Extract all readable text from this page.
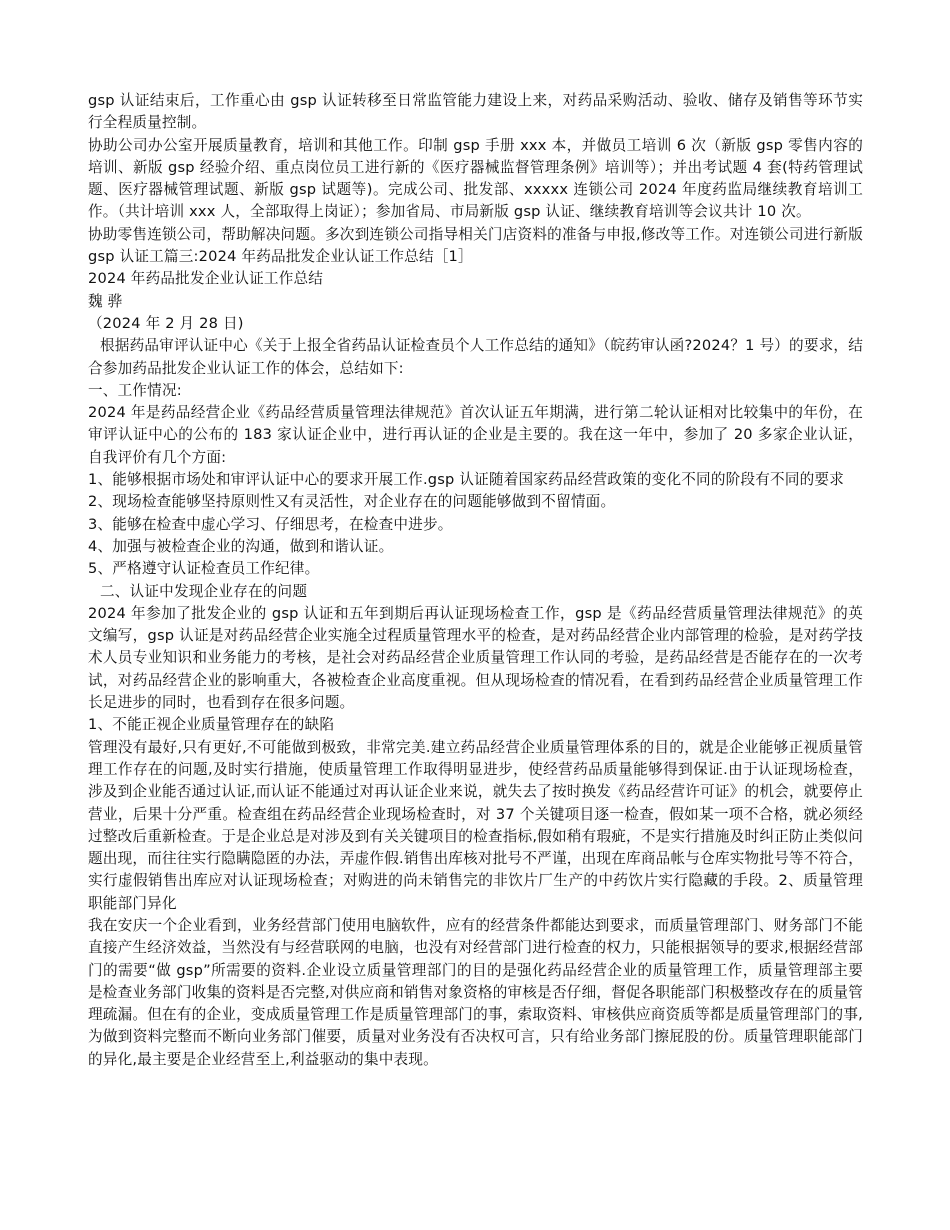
gsp 认证结束后，工作重心由 gsp 认证转移至日常监管能力建设上来，对药品采购活动、验收、储存及销售等环节实行全程质量控制。

协助公司办公室开展质量教育，培训和其他工作。印制 gsp 手册 xxx 本，并做员工培训 6 次（新版 gsp 零售内容的培训、新版 gsp 经验介绍、重点岗位员工进行新的《医疗器械监督管理条例》培训等）；并出考试题 4 套(特药管理试题、医疗器械管理试题、新版 gsp 试题等)。完成公司、批发部、xxxxx 连锁公司 2024 年度药监局继续教育培训工作。（共计培训 xxx 人，全部取得上岗证）；参加省局、市局新版 gsp 认证、继续教育培训等会议共计 10 次。

协助零售连锁公司，帮助解决问题。多次到连锁公司指导相关门店资料的准备与申报,修改等工作。对连锁公司进行新版 gsp 认证工篇三:2024 年药品批发企业认证工作总结［1］

2024 年药品批发企业认证工作总结

魏 骅

（2024 年 2 月 28 日)

根据药品审评认证中心《关于上报全省药品认证检查员个人工作总结的通知》（皖药审认函?2024？1 号）的要求，结合参加药品批发企业认证工作的体会，总结如下:

一、工作情况:

2024 年是药品经营企业《药品经营质量管理法律规范》首次认证五年期满，进行第二轮认证相对比较集中的年份，在审评认证中心的公布的 183 家认证企业中，进行再认证的企业是主要的。我在这一年中，参加了 20 多家企业认证，自我评价有几个方面:

1、能够根据市场处和审评认证中心的要求开展工作.gsp 认证随着国家药品经营政策的变化不同的阶段有不同的要求

2、现场检查能够坚持原则性又有灵活性，对企业存在的问题能够做到不留情面。

3、能够在检查中虚心学习、仔细思考，在检查中进步。

4、加强与被检查企业的沟通，做到和谐认证。

5、严格遵守认证检查员工作纪律。

二、认证中发现企业存在的问题

2024 年参加了批发企业的 gsp 认证和五年到期后再认证现场检查工作，gsp 是《药品经营质量管理法律规范》的英文编写，gsp 认证是对药品经营企业实施全过程质量管理水平的检查，是对药品经营企业内部管理的检验，是对药学技术人员专业知识和业务能力的考核，是社会对药品经营企业质量管理工作认同的考验，是药品经营是否能存在的一次考试，对药品经营企业的影响重大，各被检查企业高度重视。但从现场检查的情况看，在看到药品经营企业质量管理工作长足进步的同时，也看到存在很多问题。

1、不能正视企业质量管理存在的缺陷

管理没有最好,只有更好,不可能做到极致，非常完美.建立药品经营企业质量管理体系的目的，就是企业能够正视质量管理工作存在的问题,及时实行措施，使质量管理工作取得明显进步，使经营药品质量能够得到保证.由于认证现场检查，涉及到企业能否通过认证,而认证不能通过对再认证企业来说，就失去了按时换发《药品经营许可证》的机会，就要停止营业，后果十分严重。检查组在药品经营企业现场检查时，对 37 个关键项目逐一检查，假如某一项不合格，就必须经过整改后重新检查。于是企业总是对涉及到有关关键项目的检查指标,假如稍有瑕疵，不是实行措施及时纠正防止类似问题出现，而往往实行隐瞒隐匿的办法，弄虚作假.销售出库核对批号不严谨，出现在库商品帐与仓库实物批号等不符合，实行虚假销售出库应对认证现场检查；对购进的尚未销售完的非饮片厂生产的中药饮片实行隐藏的手段。2、质量管理职能部门异化

我在安庆一个企业看到，业务经营部门使用电脑软件，应有的经营条件都能达到要求，而质量管理部门、财务部门不能直接产生经济效益，当然没有与经营联网的电脑，也没有对经营部门进行检查的权力，只能根据领导的要求,根据经营部门的需要“做 gsp”所需要的资料.企业设立质量管理部门的目的是强化药品经营企业的质量管理工作，质量管理部主要是检查业务部门收集的资料是否完整,对供应商和销售对象资格的审核是否仔细，督促各职能部门积极整改存在的质量管理疏漏。但在有的企业，变成质量管理工作是质量管理部门的事，索取资料、审核供应商资质等都是质量管理部门的事,为做到资料完整而不断向业务部门催要，质量对业务没有否决权可言，只有给业务部门擦屁股的份。质量管理职能部门的异化,最主要是企业经营至上,利益驱动的集中表现。
